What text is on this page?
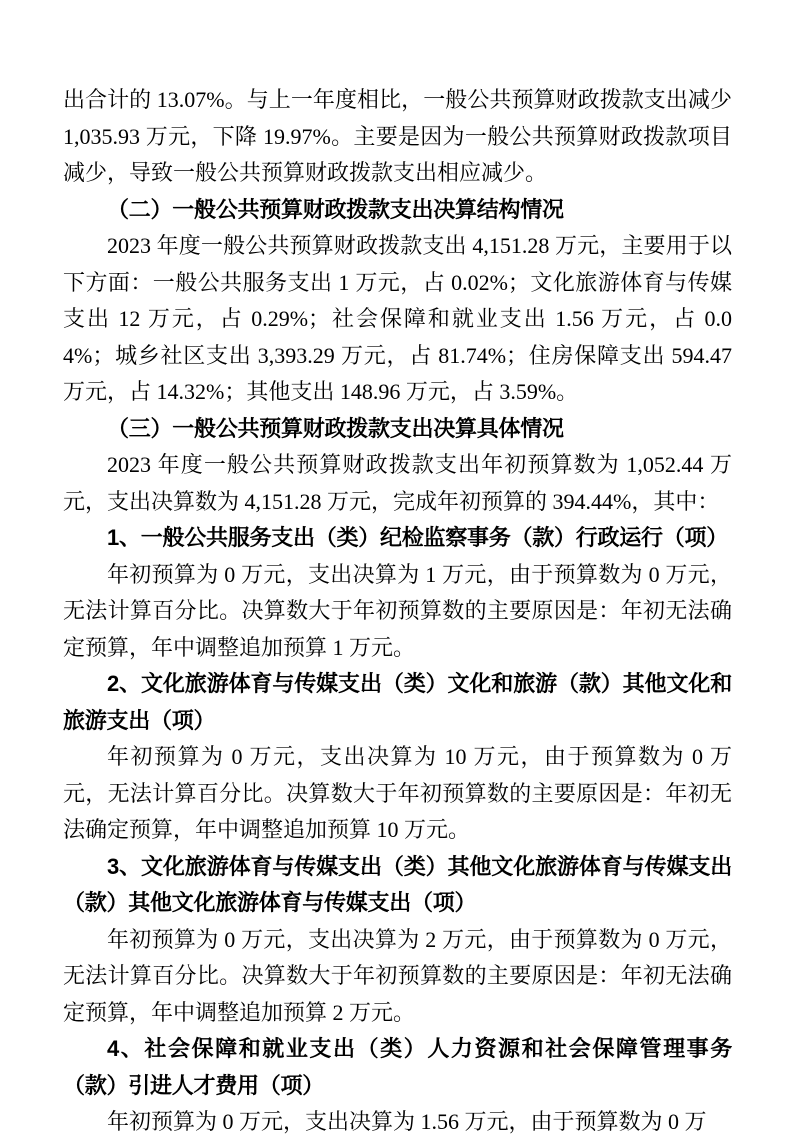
出合计的 13.07%。与上一年度相比，一般公共预算财政拨款支出减少 1,035.93 万元，下降 19.97%。主要是因为一般公共预算财政拨款项目减少，导致一般公共预算财政拨款支出相应减少。

（二）一般公共预算财政拨款支出决算结构情况

2023 年度一般公共预算财政拨款支出 4,151.28 万元，主要用于以下方面：一般公共服务支出 1 万元，占 0.02%；文化旅游体育与传媒支出 12 万元，占 0.29%；社会保障和就业支出 1.56 万元，占 0.04%；城乡社区支出 3,393.29 万元，占 81.74%；住房保障支出 594.47 万元，占 14.32%；其他支出 148.96 万元，占 3.59%。

（三）一般公共预算财政拨款支出决算具体情况

2023 年度一般公共预算财政拨款支出年初预算数为 1,052.44 万元，支出决算数为 4,151.28 万元，完成年初预算的 394.44%，其中：

1、一般公共服务支出（类）纪检监察事务（款）行政运行（项）

年初预算为 0 万元，支出决算为 1 万元，由于预算数为 0 万元，无法计算百分比。决算数大于年初预算数的主要原因是：年初无法确定预算，年中调整追加预算 1 万元。

2、文化旅游体育与传媒支出（类）文化和旅游（款）其他文化和旅游支出（项）

年初预算为 0 万元，支出决算为 10 万元，由于预算数为 0 万元，无法计算百分比。决算数大于年初预算数的主要原因是：年初无法确定预算，年中调整追加预算 10 万元。

3、文化旅游体育与传媒支出（类）其他文化旅游体育与传媒支出（款）其他文化旅游体育与传媒支出（项）

年初预算为 0 万元，支出决算为 2 万元，由于预算数为 0 万元，无法计算百分比。决算数大于年初预算数的主要原因是：年初无法确定预算，年中调整追加预算 2 万元。

4、社会保障和就业支出（类）人力资源和社会保障管理事务（款）引进人才费用（项）

年初预算为 0 万元，支出决算为 1.56 万元，由于预算数为 0 万
